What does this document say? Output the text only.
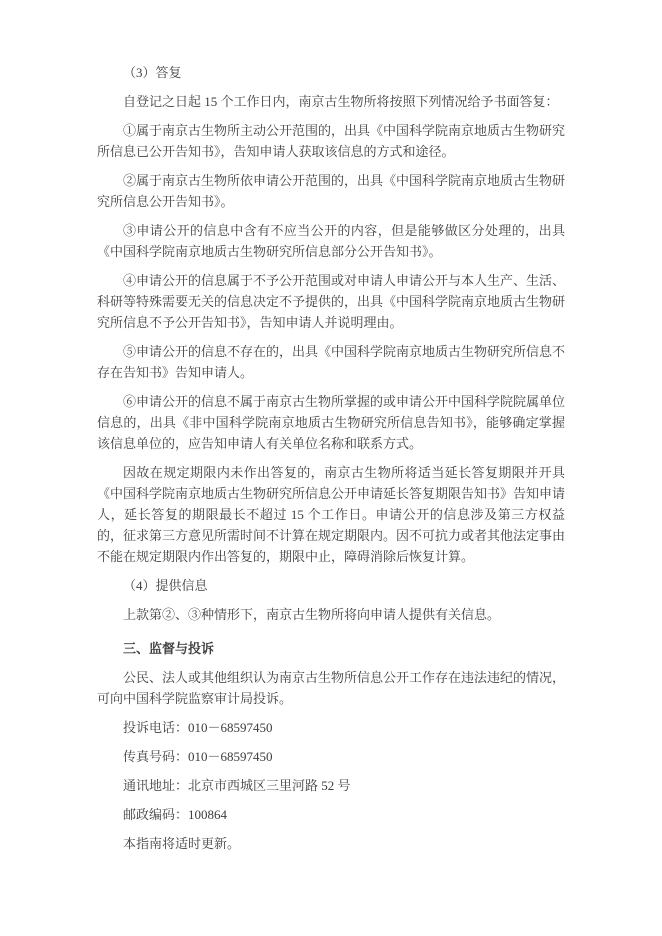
（3）答复

自登记之日起 15 个工作日内，南京古生物所将按照下列情况给予书面答复：

①属于南京古生物所主动公开范围的，出具《中国科学院南京地质古生物研究所信息已公开告知书》，告知申请人获取该信息的方式和途径。

②属于南京古生物所依申请公开范围的，出具《中国科学院南京地质古生物研究所信息公开告知书》。

③申请公开的信息中含有不应当公开的内容，但是能够做区分处理的，出具《中国科学院南京地质古生物研究所信息部分公开告知书》。

④申请公开的信息属于不予公开范围或对申请人申请公开与本人生产、生活、科研等特殊需要无关的信息决定不予提供的，出具《中国科学院南京地质古生物研究所信息不予公开告知书》，告知申请人并说明理由。

⑤申请公开的信息不存在的，出具《中国科学院南京地质古生物研究所信息不存在告知书》告知申请人。

⑥申请公开的信息不属于南京古生物所掌握的或申请公开中国科学院院属单位信息的，出具《非中国科学院南京地质古生物研究所信息告知书》，能够确定掌握该信息单位的，应告知申请人有关单位名称和联系方式。

因故在规定期限内未作出答复的，南京古生物所将适当延长答复期限并开具《中国科学院南京地质古生物研究所信息公开申请延长答复期限告知书》告知申请人，延长答复的期限最长不超过 15 个工作日。申请公开的信息涉及第三方权益的，征求第三方意见所需时间不计算在规定期限内。因不可抗力或者其他法定事由不能在规定期限内作出答复的，期限中止，障碍消除后恢复计算。

（4）提供信息

上款第②、③种情形下，南京古生物所将向申请人提供有关信息。

三、监督与投诉

公民、法人或其他组织认为南京古生物所信息公开工作存在违法违纪的情况，可向中国科学院监察审计局投诉。

投诉电话：010－68597450

传真号码：010－68597450

通讯地址：北京市西城区三里河路 52 号

邮政编码：100864

本指南将适时更新。
